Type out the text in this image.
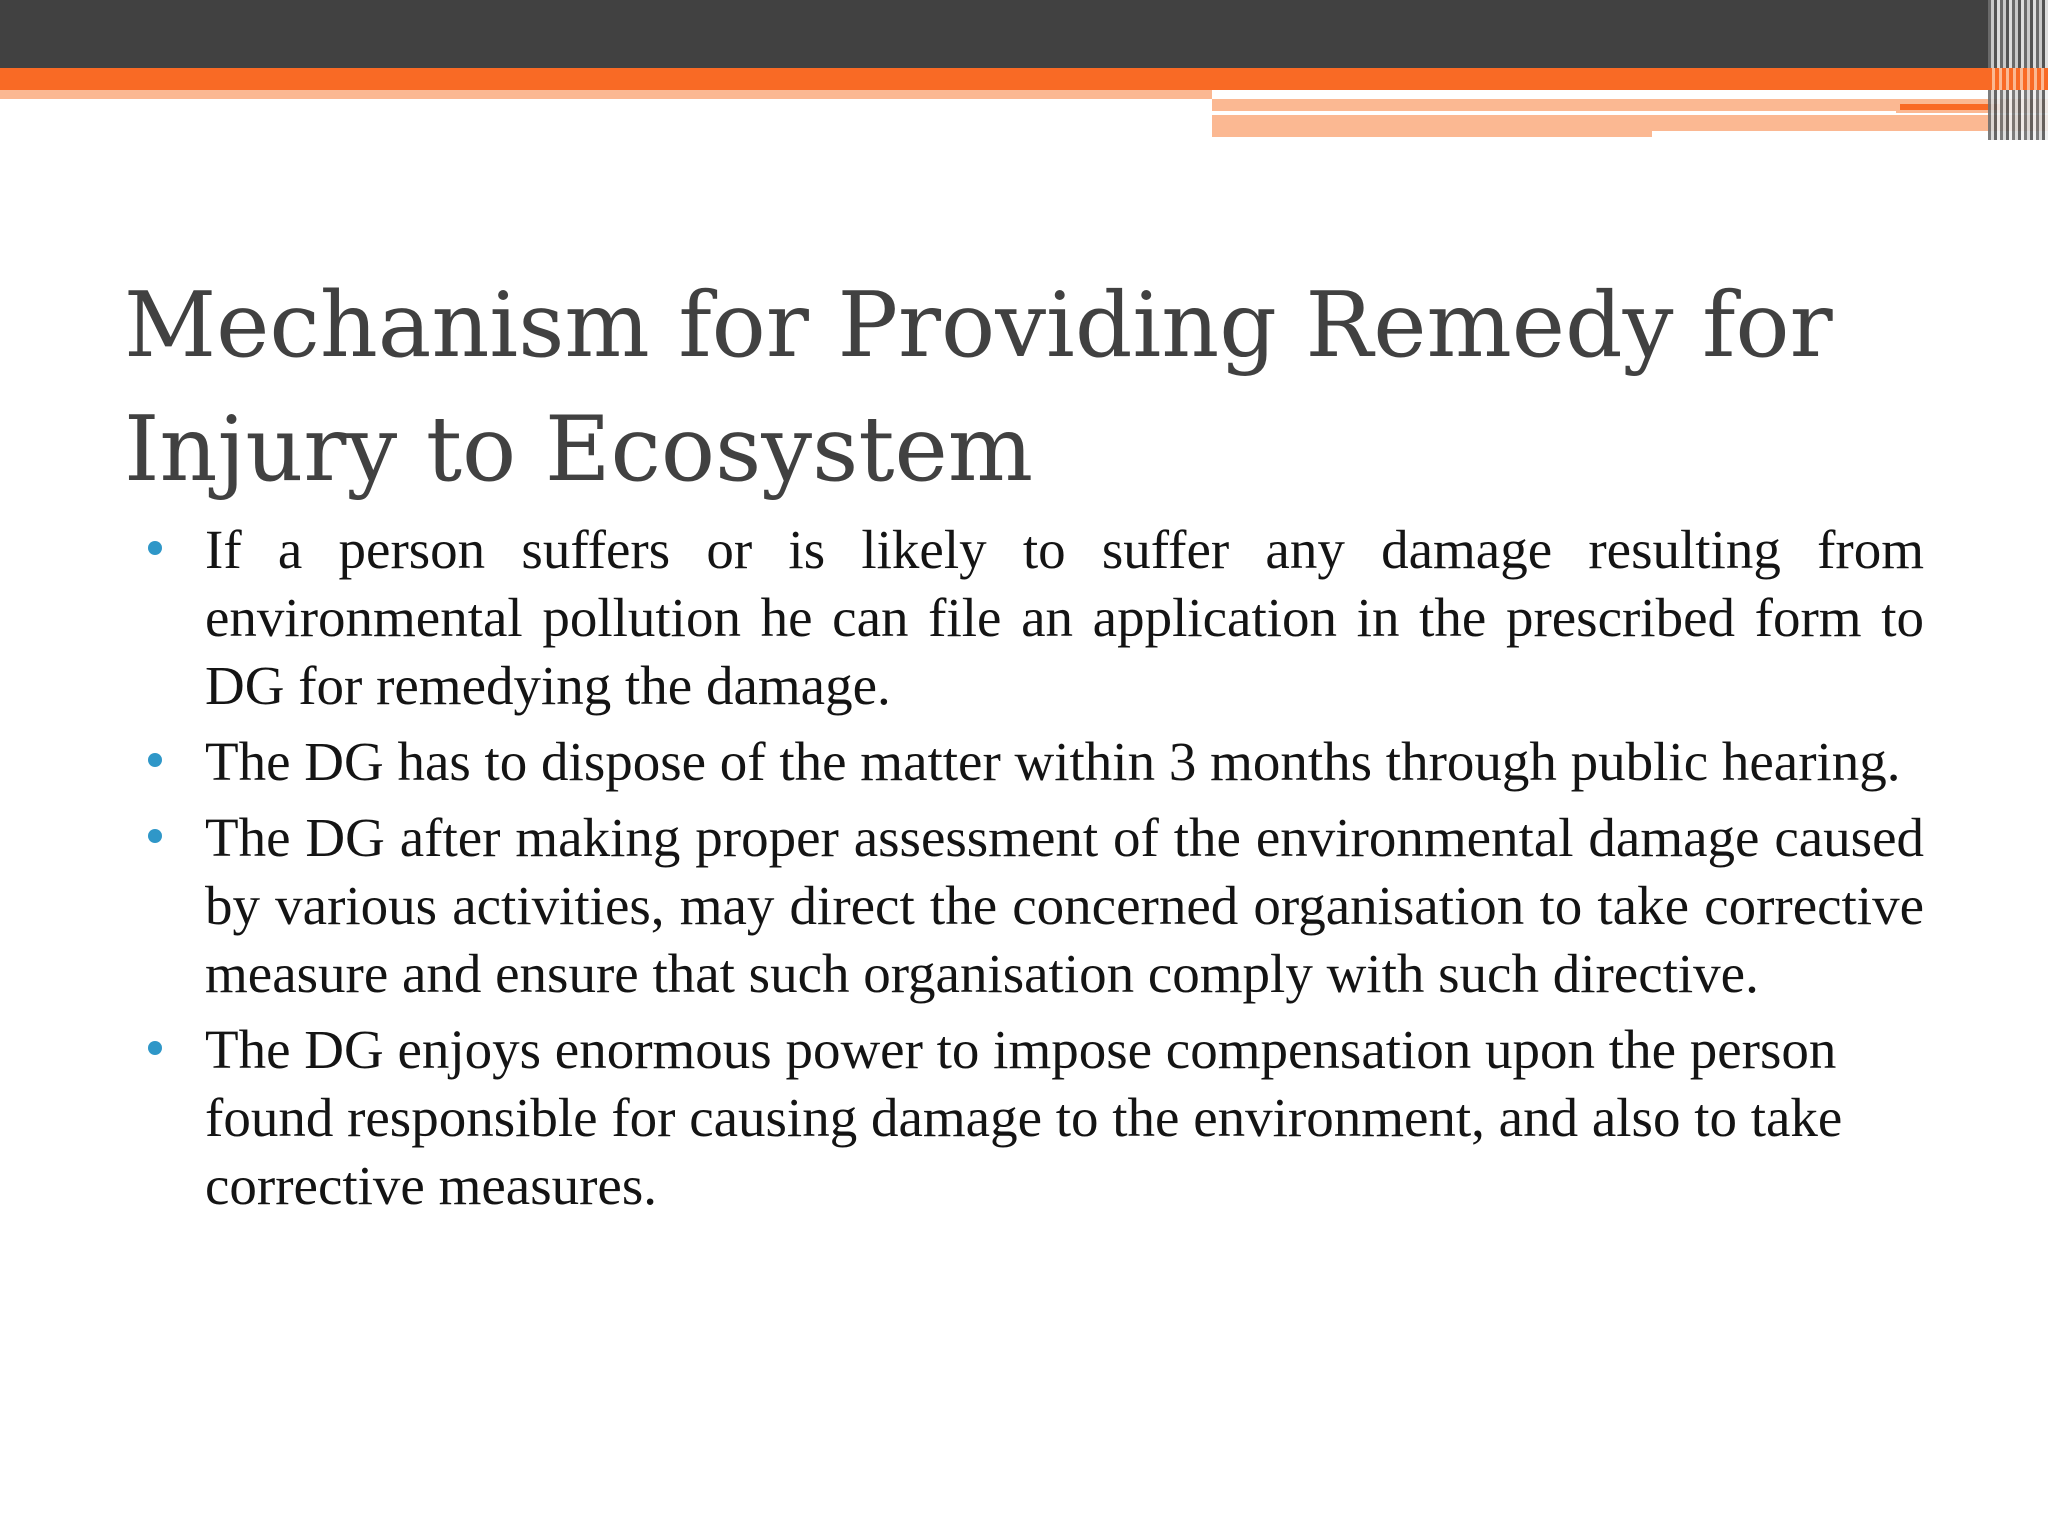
Mechanism for Providing Remedy for Injury to Ecosystem
If a person suffers or is likely to suffer any damage resulting from environmental pollution he can file an application in the prescribed form to DG for remedying the damage.
The DG has to dispose of the matter within 3 months through public hearing.
The DG after making proper assessment of the environmental damage caused by various activities, may direct the concerned organisation to take corrective measure and ensure that such organisation comply with such directive.
The DG enjoys enormous power to impose compensation upon the person found responsible for causing damage to the environment, and also to take corrective measures.
